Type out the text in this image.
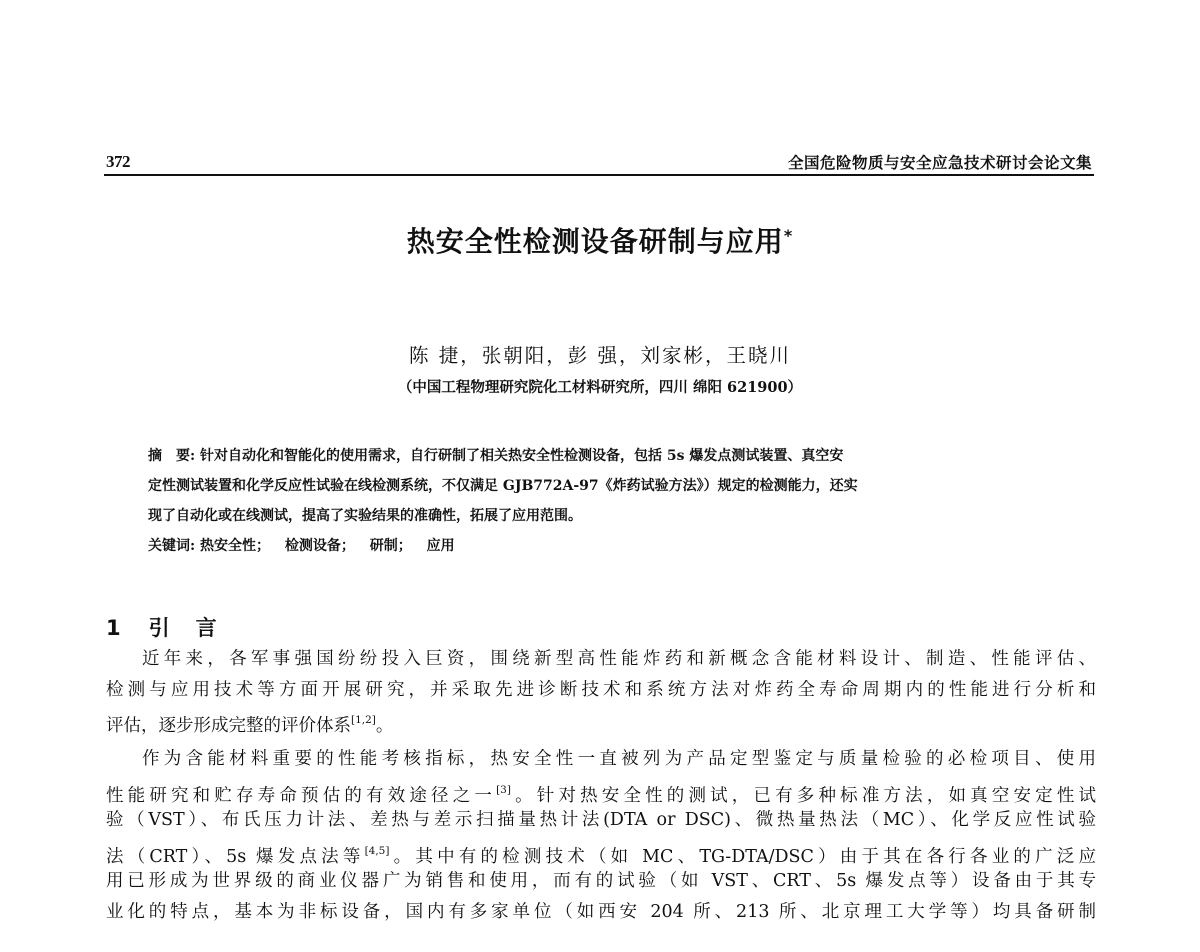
372	全国危险物质与安全应急技术研讨会论文集
热安全性检测设备研制与应用*
陈 捷，张朝阳，彭 强，刘家彬，王晓川
（中国工程物理研究院化工材料研究所，四川 绵阳 621900）
摘　要: 针对自动化和智能化的使用需求，自行研制了相关热安全性检测设备，包括 5s 爆发点测试装置、真空安
定性测试装置和化学反应性试验在线检测系统，不仅满足 GJB772A-97《炸药试验方法》）规定的检测能力，还实
现了自动化或在线测试，提高了实验结果的准确性，拓展了应用范围。
关键词: 热安全性； 检测设备； 研制； 应用
1 引言
近年来，各军事强国纷纷投入巨资，围绕新型高性能炸药和新概念含能材料设计、制造、性能评估、
检测与应用技术等方面开展研究，并采取先进诊断技术和系统方法对炸药全寿命周期内的性能进行分析和
评估，逐步形成完整的评价体系[1,2]。
作为含能材料重要的性能考核指标，热安全性一直被列为产品定型鉴定与质量检验的必检项目、使用
性能研究和贮存寿命预估的有效途径之一[3]。针对热安全性的测试，已有多种标准方法，如真空安定性试
验（VST）、布氏压力计法、差热与差示扫描量热计法(DTA or DSC)、微热量热法（MC）、化学反应性试验
法（CRT）、5s 爆发点法等[4,5]。其中有的检测技术（如 MC、TG-DTA/DSC）由于其在各行各业的广泛应
用已形成为世界级的商业仪器广为销售和使用，而有的试验（如 VST、CRT、5s 爆发点等）设备由于其专
业化的特点，基本为非标设备，国内有多家单位（如西安 204 所、213 所、北京理工大学等）均具备研制
